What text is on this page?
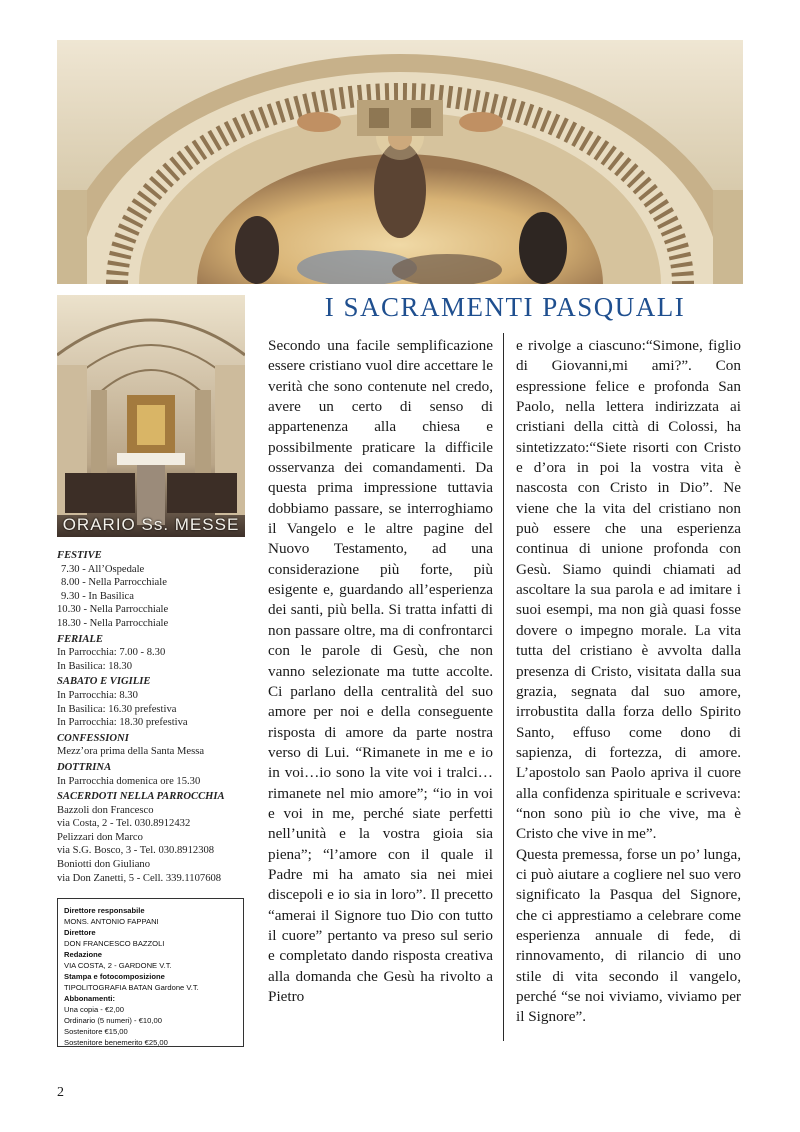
I SACRAMENTI PASQUALI
ORARIO Ss. MESSE
FESTIVE
7.30 - All’Ospedale
8.00 - Nella Parrocchiale
9.30 - In Basilica
10.30 - Nella Parrocchiale
18.30 - Nella Parrocchiale
FERIALE
In Parrocchia: 7.00 - 8.30
In Basilica: 18.30
SABATO E VIGILIE
In Parrocchia: 8.30
In Basilica: 16.30 prefestiva
In Parrocchia: 18.30 prefestiva
CONFESSIONI
Mezz’ora prima della Santa Messa
DOTTRINA
In Parrocchia domenica ore 15.30
SACERDOTI NELLA PARROCCHIA
Bazzoli don Francesco
via Costa, 2 - Tel. 030.8912432
Pelizzari don Marco
via S.G. Bosco, 3 - Tel. 030.8912308
Boniotti don Giuliano
via Don Zanetti, 5 - Cell. 339.1107608
Direttore responsabile
MONS. ANTONIO FAPPANI
Direttore
DON FRANCESCO BAZZOLI
Redazione
VIA COSTA, 2 - GARDONE V.T.
Stampa e fotocomposizione
TIPOLITOGRAFIA BATAN Gardone V.T.
Abbonamenti:
Una copia - €2,00
Ordinario (5 numeri) - €10,00
Sostenitore €15,00
Sostenitore benemerito €25,00

Secondo una facile semplificazione essere cristiano vuol dire accettare le verità che sono contenute nel credo, avere un certo di senso di appartenenza alla chiesa e possibilmente praticare la difficile osservanza dei comandamenti. Da questa prima impressione tuttavia dobbiamo passare, se interroghiamo il Vangelo e le altre pagine del Nuovo Testamento, ad una considerazione più forte, più esigente e, guardando all’esperienza dei santi, più bella. Si tratta infatti di non passare oltre, ma di confrontarci con le parole di Gesù, che non vanno selezionate ma tutte accolte. Ci parlano della centralità del suo amore per noi e della conseguente risposta di amore da parte nostra verso di Lui. “Rimanete in me e io in voi…io sono la vite voi i tralci…rimanete nel mio amore”; “io in voi e voi in me, perché siate perfetti nell’unità e la vostra gioia sia piena”; “l’amore con il quale il Padre mi ha amato sia nei miei discepoli e io sia in loro”. Il precetto “amerai il Signore tuo Dio con tutto il cuore” pertanto va preso sul serio e completato dando risposta creativa alla domanda che Gesù ha rivolto a Pietro

e rivolge a ciascuno:“Simone, figlio di Giovanni,mi ami?”. Con espressione felice e profonda San Paolo, nella lettera indirizzata ai cristiani della città di Colossi, ha sintetizzato:“Siete risorti con Cristo e d’ora in poi la vostra vita è nascosta con Cristo in Dio”. Ne viene che la vita del cristiano non può essere che una esperienza continua di unione profonda con Gesù. Siamo quindi chiamati ad ascoltare la sua parola e ad imitare i suoi esempi, ma non già quasi fosse dovere o impegno morale. La vita tutta del cristiano è avvolta dalla presenza di Cristo, visitata dalla sua grazia, segnata dal suo amore, irrobustita dalla forza dello Spirito Santo, effuso come dono di sapienza, di fortezza, di amore. L’apostolo san Paolo apriva il cuore alla confidenza spirituale e scriveva: “non sono più io che vive, ma è Cristo che vive in me”.

Questa premessa, forse un po’ lunga, ci può aiutare a cogliere nel suo vero significato la Pasqua del Signore, che ci apprestiamo a celebrare come esperienza annuale di fede, di rinnovamento, di rilancio di uno stile di vita secondo il vangelo, perché “se noi viviamo, viviamo per il Signore”.

2
